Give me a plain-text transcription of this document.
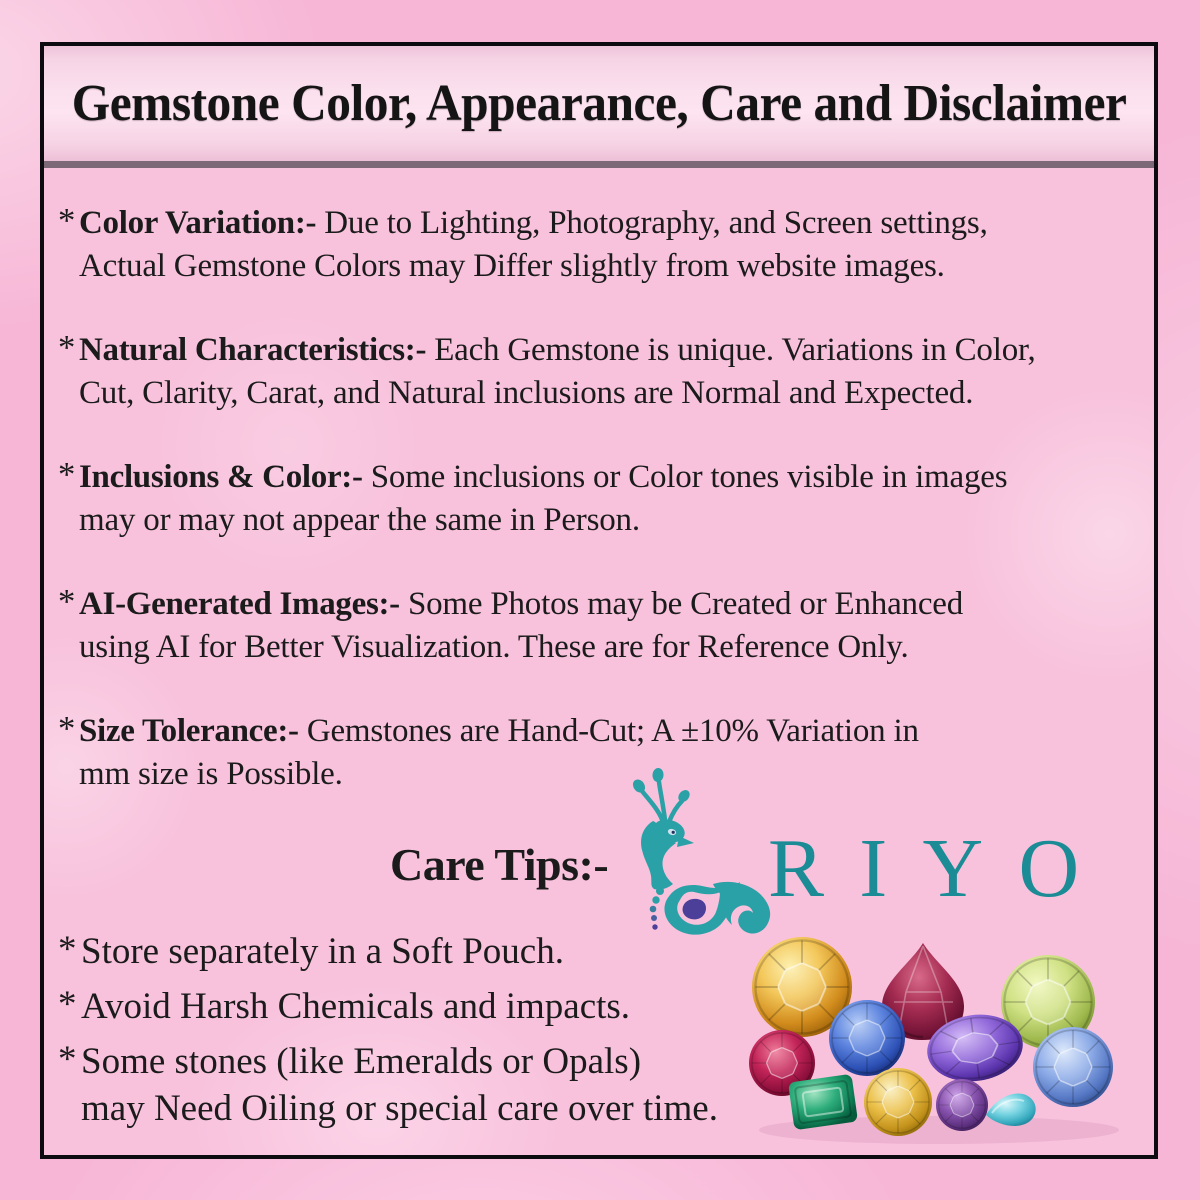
Gemstone Color, Appearance, Care and Disclaimer
* Color Variation:- Due to Lighting, Photography, and Screen settings,
Actual Gemstone Colors may Differ slightly from website images.
* Natural Characteristics:- Each Gemstone is unique. Variations in Color,
Cut, Clarity, Carat, and Natural inclusions are Normal and Expected.
* Inclusions & Color:- Some inclusions or Color tones visible in images
may or may not appear the same in Person.
* AI-Generated Images:- Some Photos may be Created or Enhanced
using AI for Better Visualization. These are for Reference Only.
* Size Tolerance:- Gemstones are Hand-Cut; A ±10% Variation in
mm size is Possible.
Care Tips:- RIYO
* Store separately in a Soft Pouch.
* Avoid Harsh Chemicals and impacts.
* Some stones (like Emeralds or Opals)
may Need Oiling or special care over time.
